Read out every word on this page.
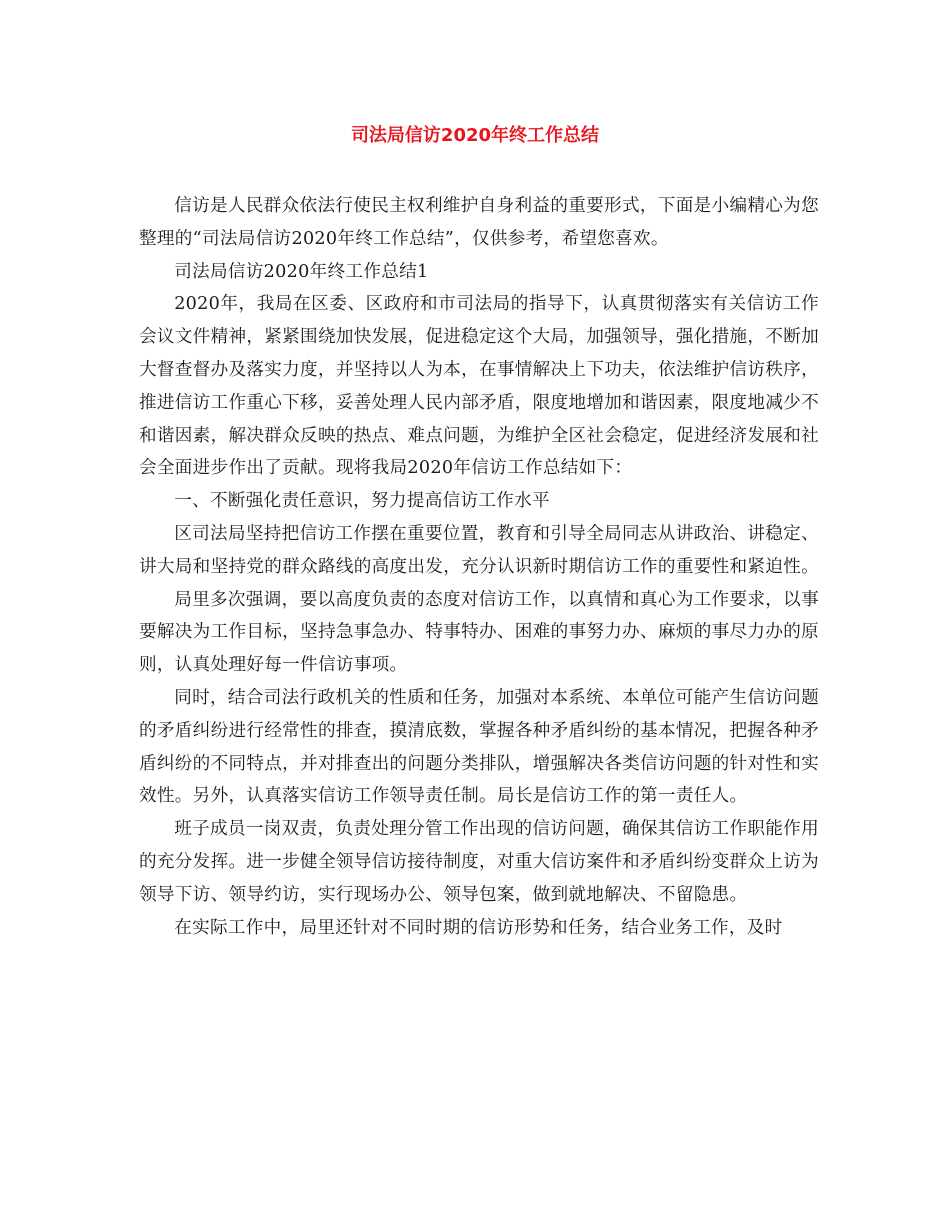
司法局信访2020年终工作总结

信访是人民群众依法行使民主权利维护自身利益的重要形式，下面是小编精心为您整理的“司法局信访2020年终工作总结”，仅供参考，希望您喜欢。

司法局信访2020年终工作总结1

2020年，我局在区委、区政府和市司法局的指导下，认真贯彻落实有关信访工作会议文件精神，紧紧围绕加快发展，促进稳定这个大局，加强领导，强化措施，不断加大督查督办及落实力度，并坚持以人为本，在事情解决上下功夫，依法维护信访秩序，推进信访工作重心下移，妥善处理人民内部矛盾，限度地增加和谐因素，限度地减少不和谐因素，解决群众反映的热点、难点问题，为维护全区社会稳定，促进经济发展和社会全面进步作出了贡献。现将我局2020年信访工作总结如下：

一、不断强化责任意识，努力提高信访工作水平

区司法局坚持把信访工作摆在重要位置，教育和引导全局同志从讲政治、讲稳定、讲大局和坚持党的群众路线的高度出发，充分认识新时期信访工作的重要性和紧迫性。

局里多次强调，要以高度负责的态度对信访工作，以真情和真心为工作要求，以事要解决为工作目标，坚持急事急办、特事特办、困难的事努力办、麻烦的事尽力办的原则，认真处理好每一件信访事项。

同时，结合司法行政机关的性质和任务，加强对本系统、本单位可能产生信访问题的矛盾纠纷进行经常性的排查，摸清底数，掌握各种矛盾纠纷的基本情况，把握各种矛盾纠纷的不同特点，并对排查出的问题分类排队，增强解决各类信访问题的针对性和实效性。另外，认真落实信访工作领导责任制。局长是信访工作的第一责任人。

班子成员一岗双责，负责处理分管工作出现的信访问题，确保其信访工作职能作用的充分发挥。进一步健全领导信访接待制度，对重大信访案件和矛盾纠纷变群众上访为领导下访、领导约访，实行现场办公、领导包案，做到就地解决、不留隐患。

在实际工作中，局里还针对不同时期的信访形势和任务，结合业务工作，及时
